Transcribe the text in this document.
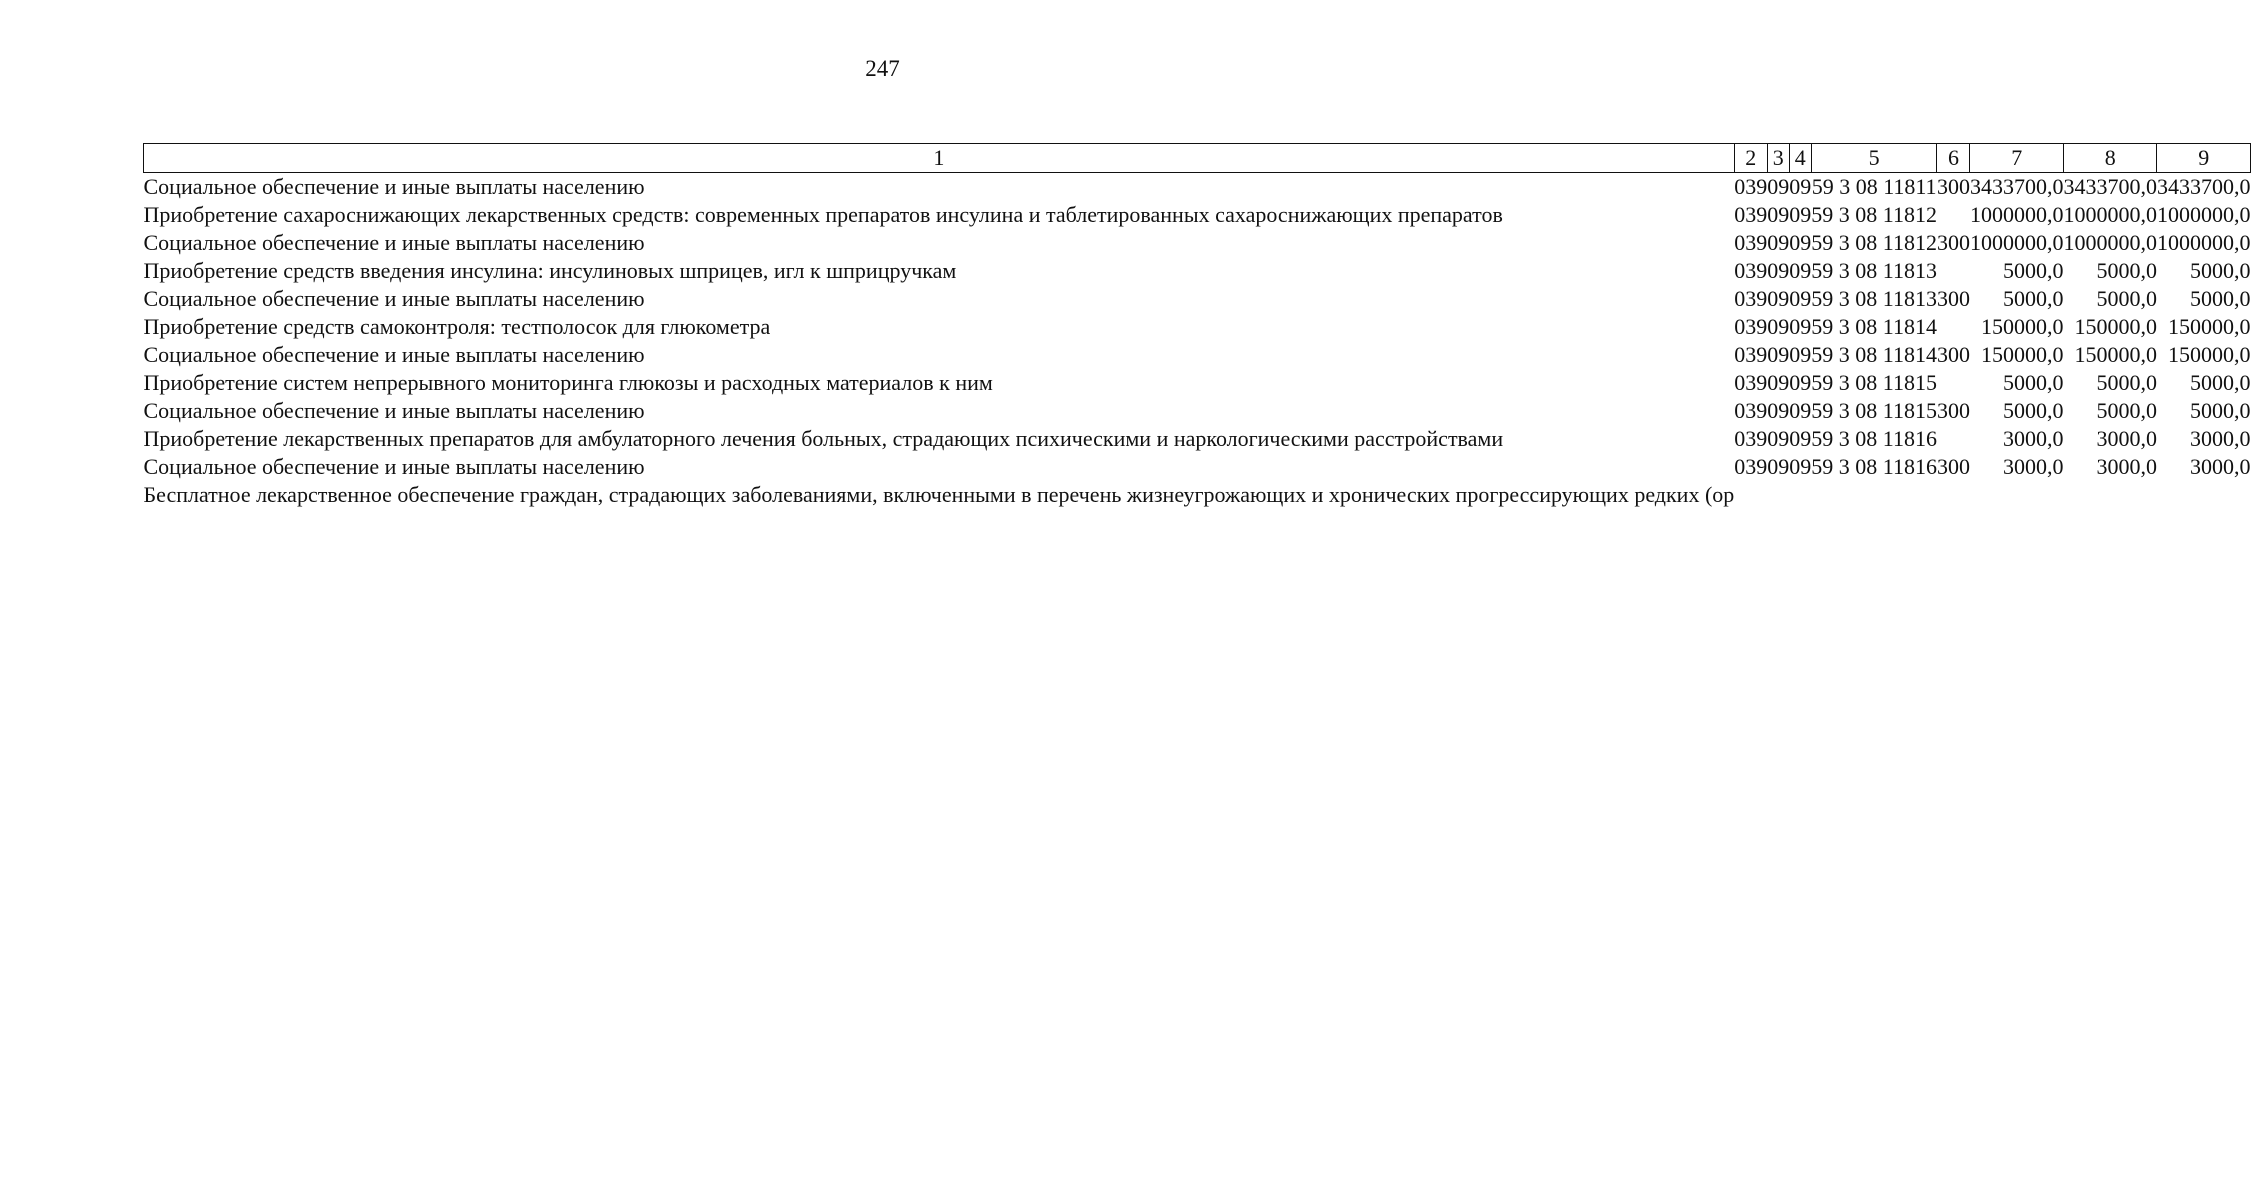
247
1	2	3	4	5	6	7	8	9
Социальное обеспечение и иные выплаты населению	039	09	09	59 3 08 11811	300	3433700,0	3433700,0	3433700,0
Приобретение сахароснижающих лекарственных средств: современных препаратов инсулина и таблетированных сахароснижающих препаратов	039	09	09	59 3 08 11812		1000000,0	1000000,0	1000000,0
Социальное обеспечение и иные выплаты населению	039	09	09	59 3 08 11812	300	1000000,0	1000000,0	1000000,0
Приобретение средств введения инсулина: инсулиновых шприцев, игл к шприцручкам	039	09	09	59 3 08 11813		5000,0	5000,0	5000,0
Социальное обеспечение и иные выплаты населению	039	09	09	59 3 08 11813	300	5000,0	5000,0	5000,0
Приобретение средств самоконтроля: тестполосок для глюкометра	039	09	09	59 3 08 11814		150000,0	150000,0	150000,0
Социальное обеспечение и иные выплаты населению	039	09	09	59 3 08 11814	300	150000,0	150000,0	150000,0
Приобретение систем непрерывного мониторинга глюкозы и расходных материалов к ним	039	09	09	59 3 08 11815		5000,0	5000,0	5000,0
Социальное обеспечение и иные выплаты населению	039	09	09	59 3 08 11815	300	5000,0	5000,0	5000,0
Приобретение лекарственных препаратов для амбулаторного лечения больных, страдающих психическими и наркологическими расстройствами	039	09	09	59 3 08 11816		3000,0	3000,0	3000,0
Социальное обеспечение и иные выплаты населению	039	09	09	59 3 08 11816	300	3000,0	3000,0	3000,0
Бесплатное лекарственное обеспечение граждан, страдающих заболеваниями, включенными в перечень жизнеугрожающих и хронических прогрессирующих редких (ор								
